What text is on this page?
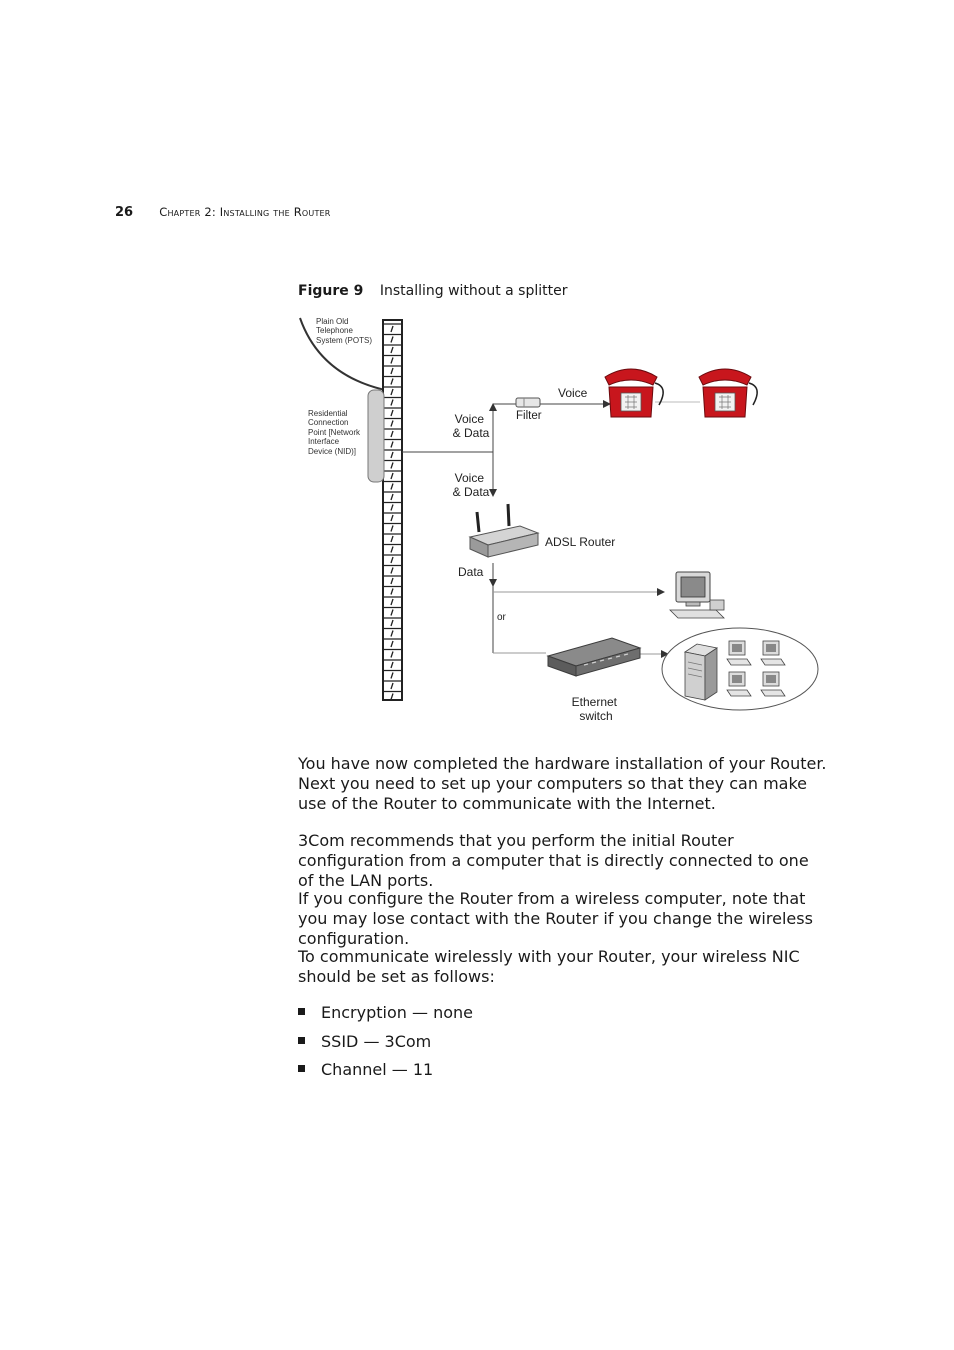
26 Chapter 2: Installing the Router
Figure 9 Installing without a splitter
Plain Old Telephone System (POTS)
Residential Connection Point [Network Interface Device (NID)]
Filter
Voice
Voice & Data
Voice & Data
ADSL Router
Data
or
Ethernet switch

You have now completed the hardware installation of your Router. Next you need to set up your computers so that they can make use of the Router to communicate with the Internet.

3Com recommends that you perform the initial Router configuration from a computer that is directly connected to one of the LAN ports.

If you configure the Router from a wireless computer, note that you may lose contact with the Router if you change the wireless configuration.

To communicate wirelessly with your Router, your wireless NIC should be set as follows:

Encryption — none
SSID — 3Com
Channel — 11
